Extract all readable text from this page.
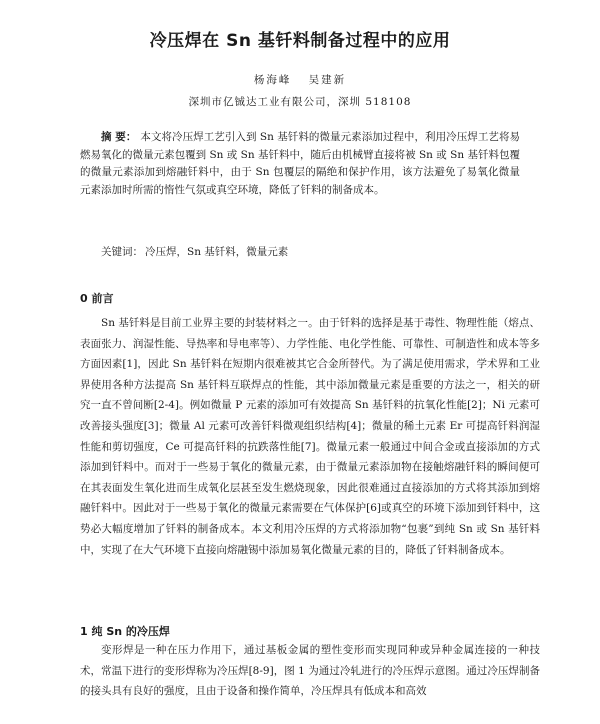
冷压焊在 Sn 基钎料制备过程中的应用
杨海峰 吴建新
深圳市亿铖达工业有限公司，深圳 518108
摘 要： 本文将冷压焊工艺引入到 Sn 基钎料的微量元素添加过程中，利用冷压焊工艺将易燃易氧化的微量元素包覆到 Sn 或 Sn 基钎料中，随后由机械臂直接将被 Sn 或 Sn 基钎料包覆的微量元素添加到熔融钎料中，由于 Sn 包覆层的隔绝和保护作用，该方法避免了易氧化微量元素添加时所需的惰性气氛或真空环境，降低了钎料的制备成本。
关键词： 冷压焊，Sn 基钎料，微量元素
0 前言
Sn 基钎料是目前工业界主要的封装材料之一。由于钎料的选择是基于毒性、物理性能（熔点、表面张力、润湿性能、导热率和导电率等）、力学性能、电化学性能、可靠性、可制造性和成本等多方面因素[1]，因此 Sn 基钎料在短期内很难被其它合金所替代。为了满足使用需求，学术界和工业界使用各种方法提高 Sn 基钎料互联焊点的性能，其中添加微量元素是重要的方法之一，相关的研究一直不曾间断[2-4]。例如微量 P 元素的添加可有效提高 Sn 基钎料的抗氧化性能[2]；Ni 元素可改善接头强度[3]；微量 Al 元素可改善钎料微观组织结构[4]；微量的稀土元素 Er 可提高钎料润湿性能和剪切强度，Ce 可提高钎料的抗跌落性能[7]。微量元素一般通过中间合金或直接添加的方式添加到钎料中。而对于一些易于氧化的微量元素，由于微量元素添加物在接触熔融钎料的瞬间便可在其表面发生氧化进而生成氧化层甚至发生燃烧现象，因此很难通过直接添加的方式将其添加到熔融钎料中。因此对于一些易于氧化的微量元素需要在气体保护[6]或真空的环境下添加到钎料中，这势必大幅度增加了钎料的制备成本。本文利用冷压焊的方式将添加物“包裹”到纯 Sn 或 Sn 基钎料中，实现了在大气环境下直接向熔融锡中添加易氧化微量元素的目的，降低了钎料制备成本。
1 纯 Sn 的冷压焊
变形焊是一种在压力作用下，通过基板金属的塑性变形而实现同种或异种金属连接的一种技术，常温下进行的变形焊称为冷压焊[8-9]，图 1 为通过冷轧进行的冷压焊示意图。通过冷压焊制备的接头具有良好的强度，且由于设备和操作简单，冷压焊具有低成本和高效
